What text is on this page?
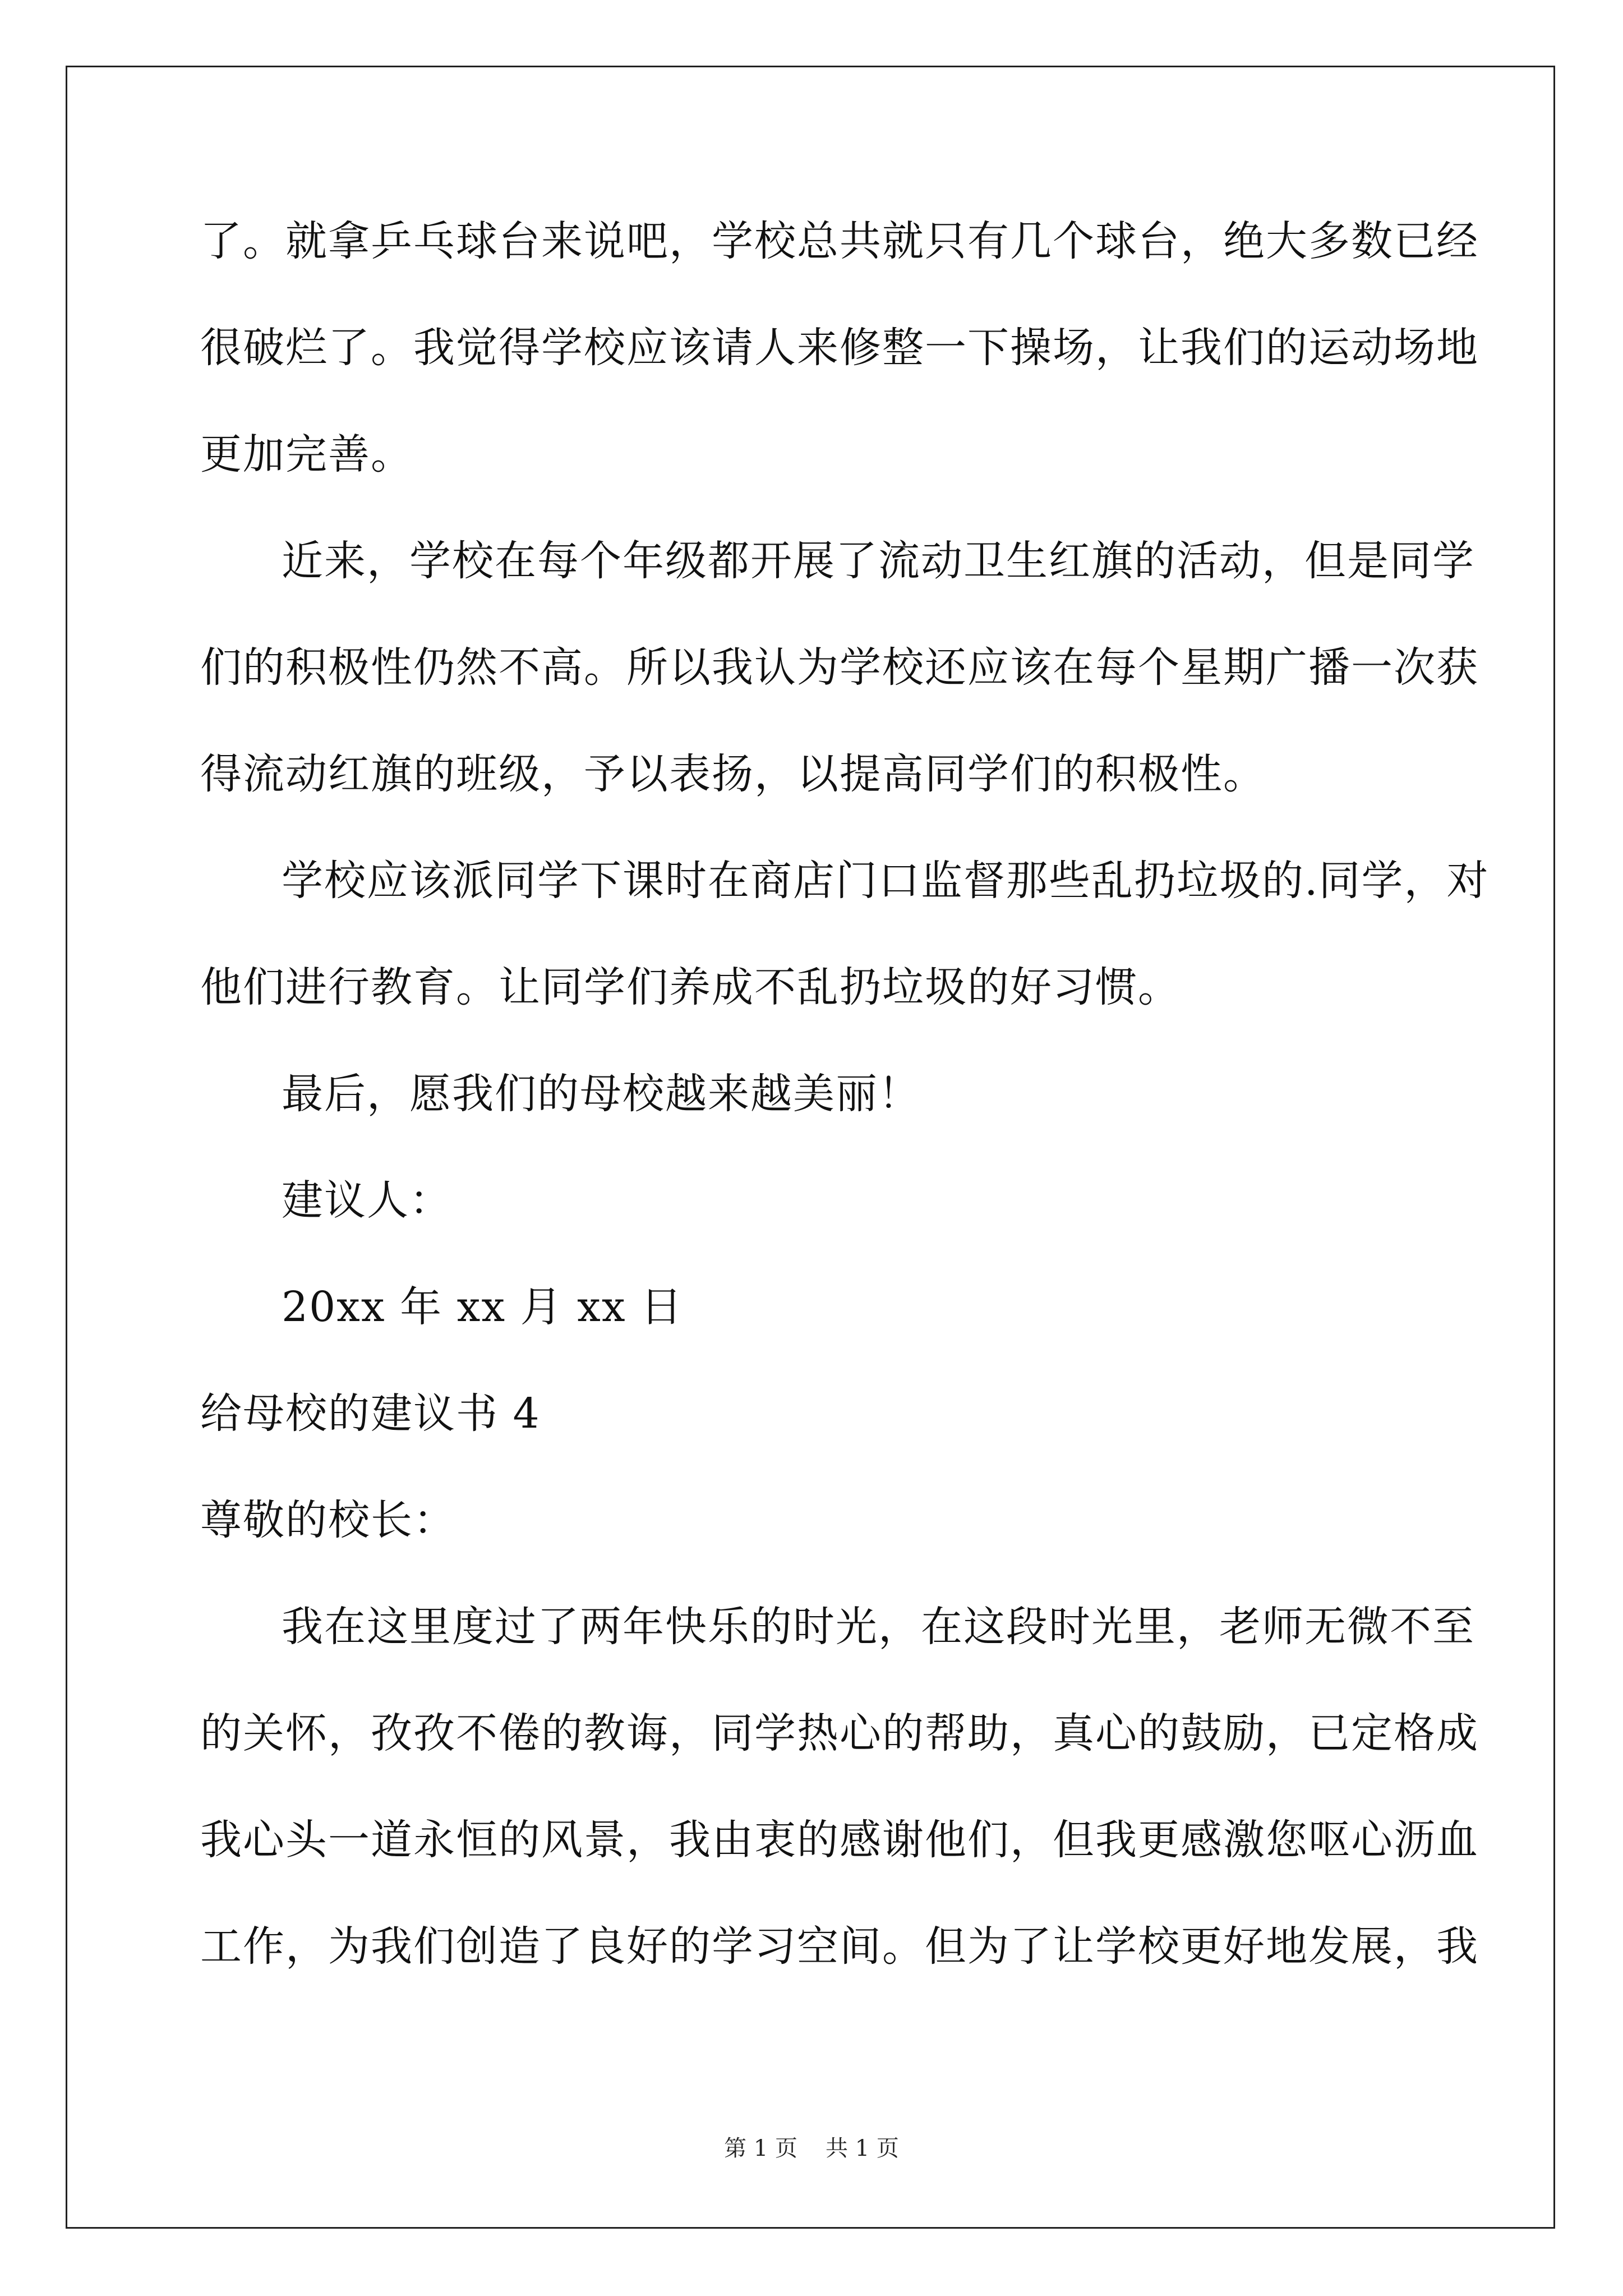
了。就拿乒乓球台来说吧，学校总共就只有几个球台，绝大多数已经
很破烂了。我觉得学校应该请人来修整一下操场，让我们的运动场地
更加完善。
近来，学校在每个年级都开展了流动卫生红旗的活动，但是同学
们的积极性仍然不高。所以我认为学校还应该在每个星期广播一次获
得流动红旗的班级，予以表扬，以提高同学们的积极性。
学校应该派同学下课时在商店门口监督那些乱扔垃圾的.同学，对
他们进行教育。让同学们养成不乱扔垃圾的好习惯。
最后，愿我们的母校越来越美丽！
建议人：
20xx 年 xx 月 xx 日
给母校的建议书 4
尊敬的校长：
我在这里度过了两年快乐的时光，在这段时光里，老师无微不至
的关怀，孜孜不倦的教诲，同学热心的帮助，真心的鼓励，已定格成
我心头一道永恒的风景，我由衷的感谢他们，但我更感激您呕心沥血
工作，为我们创造了良好的学习空间。但为了让学校更好地发展，我
第 1 页 共 1 页
